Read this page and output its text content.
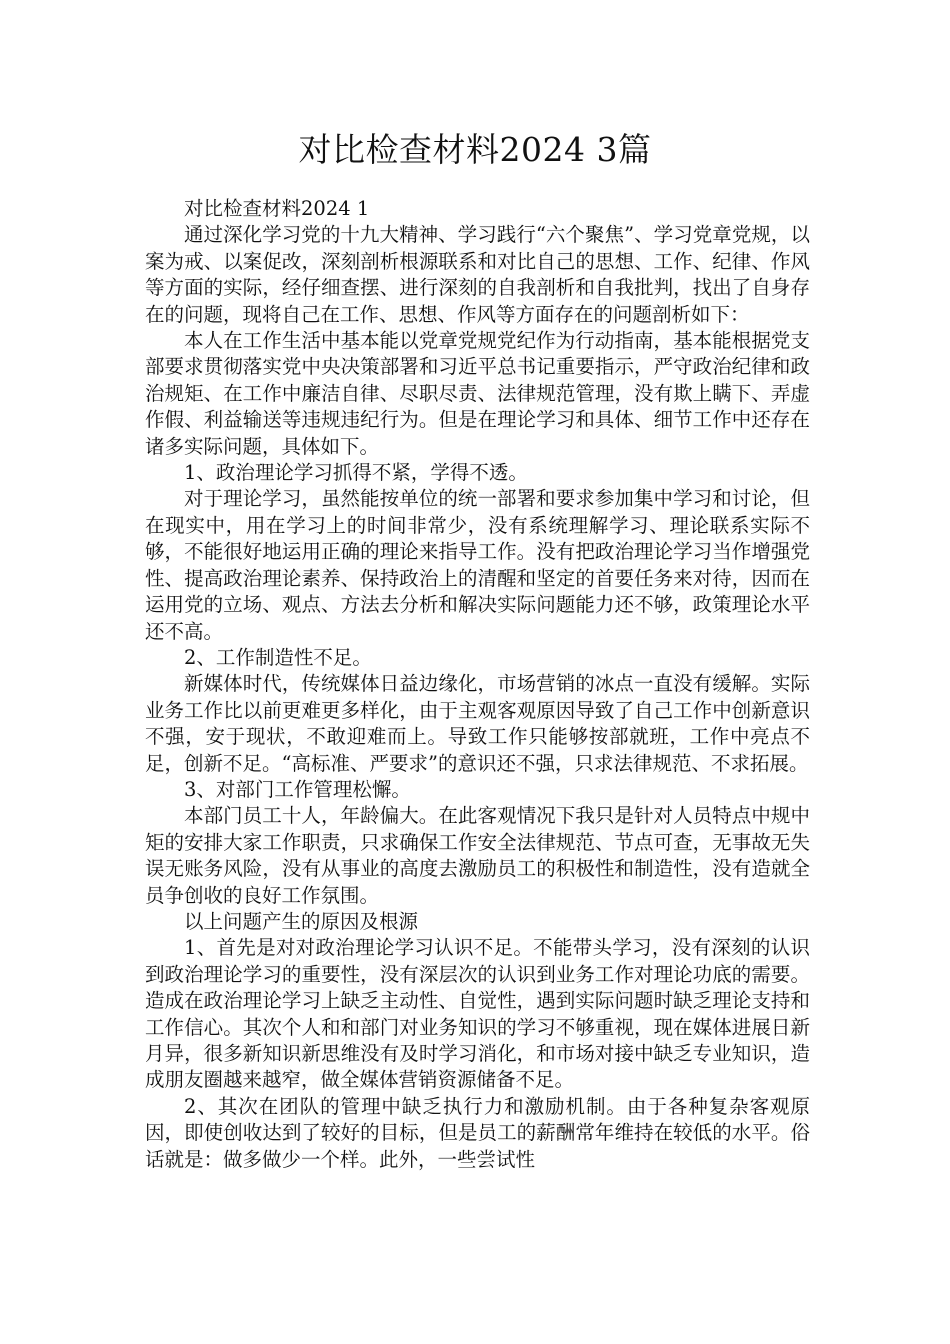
对比检查材料2024 3篇

对比检查材料2024 1

通过深化学习党的十九大精神、学习践行“六个聚焦”、学习党章党规，以案为戒、以案促改，深刻剖析根源联系和对比自己的思想、工作、纪律、作风等方面的实际，经仔细查摆、进行深刻的自我剖析和自我批判，找出了自身存在的问题，现将自己在工作、思想、作风等方面存在的问题剖析如下：

本人在工作生活中基本能以党章党规党纪作为行动指南，基本能根据党支部要求贯彻落实党中央决策部署和习近平总书记重要指示，严守政治纪律和政治规矩、在工作中廉洁自律、尽职尽责、法律规范管理，没有欺上瞒下、弄虚作假、利益输送等违规违纪行为。但是在理论学习和具体、细节工作中还存在诸多实际问题，具体如下。

1、政治理论学习抓得不紧，学得不透。

对于理论学习，虽然能按单位的统一部署和要求参加集中学习和讨论，但在现实中，用在学习上的时间非常少，没有系统理解学习、理论联系实际不够，不能很好地运用正确的理论来指导工作。没有把政治理论学习当作增强党性、提高政治理论素养、保持政治上的清醒和坚定的首要任务来对待，因而在运用党的立场、观点、方法去分析和解决实际问题能力还不够，政策理论水平还不高。

2、工作制造性不足。

新媒体时代，传统媒体日益边缘化，市场营销的冰点一直没有缓解。实际业务工作比以前更难更多样化，由于主观客观原因导致了自己工作中创新意识不强，安于现状，不敢迎难而上。导致工作只能够按部就班，工作中亮点不足，创新不足。“高标准、严要求”的意识还不强，只求法律规范、不求拓展。

3、对部门工作管理松懈。

本部门员工十人，年龄偏大。在此客观情况下我只是针对人员特点中规中矩的安排大家工作职责，只求确保工作安全法律规范、节点可查，无事故无失误无账务风险，没有从事业的高度去激励员工的积极性和制造性，没有造就全员争创收的良好工作氛围。

以上问题产生的原因及根源

1、首先是对对政治理论学习认识不足。不能带头学习，没有深刻的认识到政治理论学习的重要性，没有深层次的认识到业务工作对理论功底的需要。造成在政治理论学习上缺乏主动性、自觉性，遇到实际问题时缺乏理论支持和工作信心。其次个人和和部门对业务知识的学习不够重视，现在媒体进展日新月异，很多新知识新思维没有及时学习消化，和市场对接中缺乏专业知识，造成朋友圈越来越窄，做全媒体营销资源储备不足。

2、其次在团队的管理中缺乏执行力和激励机制。由于各种复杂客观原因，即使创收达到了较好的目标，但是员工的薪酬常年维持在较低的水平。俗话就是：做多做少一个样。此外，一些尝试性
